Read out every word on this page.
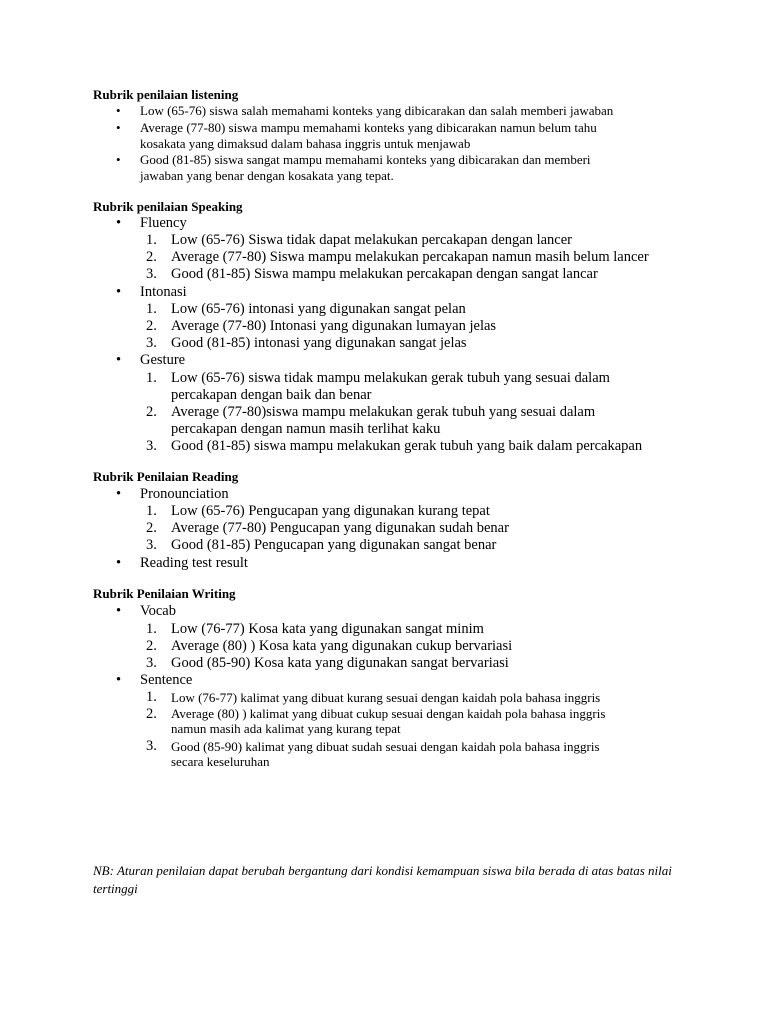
Rubrik penilaian listening
• Low (65-76) siswa salah memahami konteks yang dibicarakan dan salah memberi jawaban
• Average (77-80) siswa mampu memahami konteks yang dibicarakan namun belum tahu
kosakata yang dimaksud dalam bahasa inggris untuk menjawab
• Good (81-85) siswa sangat mampu memahami konteks yang dibicarakan dan memberi
jawaban yang benar dengan kosakata yang tepat.
Rubrik penilaian Speaking
• Fluency
1. Low (65-76) Siswa tidak dapat melakukan percakapan dengan lancer
2. Average (77-80) Siswa mampu melakukan percakapan namun masih belum lancer
3. Good (81-85) Siswa mampu melakukan percakapan dengan sangat lancar
• Intonasi
1. Low (65-76) intonasi yang digunakan sangat pelan
2. Average (77-80) Intonasi yang digunakan lumayan jelas
3. Good (81-85) intonasi yang digunakan sangat jelas
• Gesture
1. Low (65-76) siswa tidak mampu melakukan gerak tubuh yang sesuai dalam
percakapan dengan baik dan benar
2. Average (77-80)siswa mampu melakukan gerak tubuh yang sesuai dalam
percakapan dengan namun masih terlihat kaku
3. Good (81-85) siswa mampu melakukan gerak tubuh yang baik dalam percakapan
Rubrik Penilaian Reading
• Pronounciation
1. Low (65-76) Pengucapan yang digunakan kurang tepat
2. Average (77-80) Pengucapan yang digunakan sudah benar
3. Good (81-85) Pengucapan yang digunakan sangat benar
• Reading test result
Rubrik Penilaian Writing
• Vocab
1. Low (76-77) Kosa kata yang digunakan sangat minim
2. Average (80) ) Kosa kata yang digunakan cukup bervariasi
3. Good (85-90) Kosa kata yang digunakan sangat bervariasi
• Sentence
1. Low (76-77) kalimat yang dibuat kurang sesuai dengan kaidah pola bahasa inggris
2. Average (80) ) kalimat yang dibuat cukup sesuai dengan kaidah pola bahasa inggris
namun masih ada kalimat yang kurang tepat
3. Good (85-90) kalimat yang dibuat sudah sesuai dengan kaidah pola bahasa inggris
secara keseluruhan
NB: Aturan penilaian dapat berubah bergantung dari kondisi kemampuan siswa bila berada di atas batas nilai tertinggi
